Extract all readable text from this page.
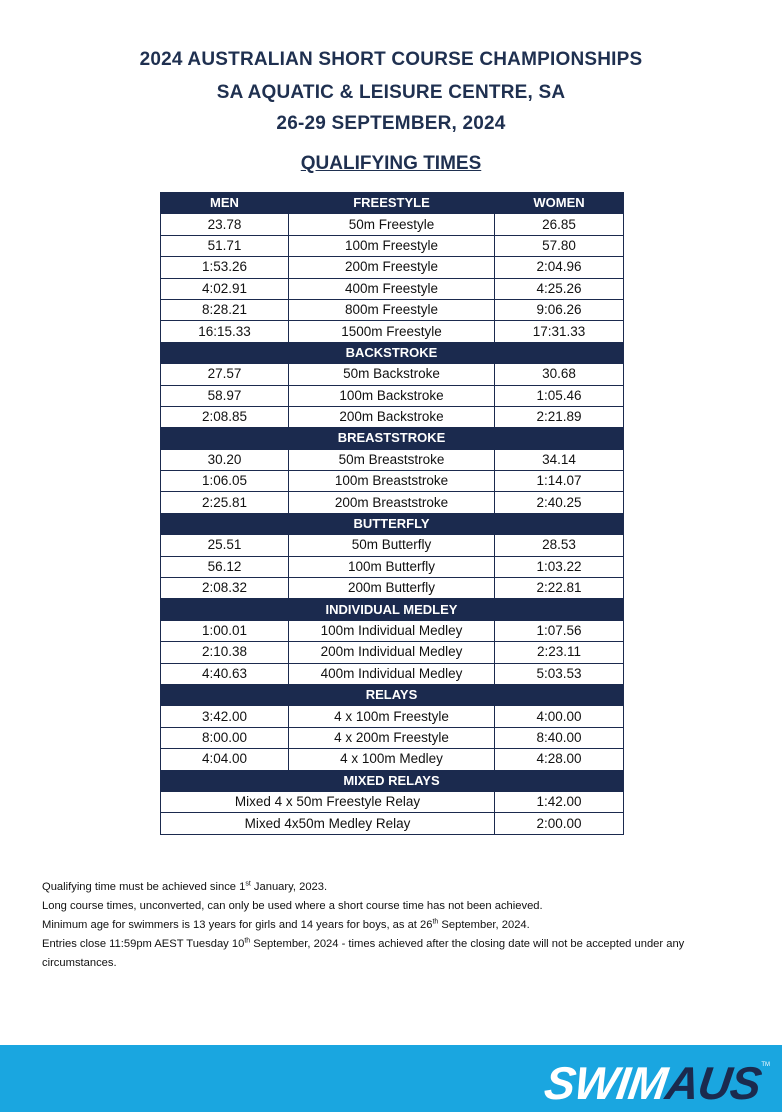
2024 AUSTRALIAN SHORT COURSE CHAMPIONSHIPS
SA AQUATIC & LEISURE CENTRE, SA
26-29 SEPTEMBER, 2024
QUALIFYING TIMES
MEN	FREESTYLE	WOMEN
23.78	50m Freestyle	26.85
51.71	100m Freestyle	57.80
1:53.26	200m Freestyle	2:04.96
4:02.91	400m Freestyle	4:25.26
8:28.21	800m Freestyle	9:06.26
16:15.33	1500m Freestyle	17:31.33
	BACKSTROKE	
27.57	50m Backstroke	30.68
58.97	100m Backstroke	1:05.46
2:08.85	200m Backstroke	2:21.89
	BREASTSTROKE	
30.20	50m Breaststroke	34.14
1:06.05	100m Breaststroke	1:14.07
2:25.81	200m Breaststroke	2:40.25
	BUTTERFLY	
25.51	50m Butterfly	28.53
56.12	100m Butterfly	1:03.22
2:08.32	200m Butterfly	2:22.81
	INDIVIDUAL MEDLEY	
1:00.01	100m Individual Medley	1:07.56
2:10.38	200m Individual Medley	2:23.11
4:40.63	400m Individual Medley	5:03.53
	RELAYS	
3:42.00	4 x 100m Freestyle	4:00.00
8:00.00	4 x 200m Freestyle	8:40.00
4:04.00	4 x 100m Medley	4:28.00
	MIXED RELAYS	
Mixed 4 x 50m Freestyle Relay		1:42.00
Mixed 4x50m Medley Relay		2:00.00

Qualifying time must be achieved since 1st January, 2023.

Long course times, unconverted, can only be used where a short course time has not been achieved.

Minimum age for swimmers is 13 years for girls and 14 years for boys, as at 26th September, 2024.

Entries close 11:59pm AEST Tuesday 10th September, 2024 - times achieved after the closing date will not be accepted under any circumstances.

SWIMAUS
TM
